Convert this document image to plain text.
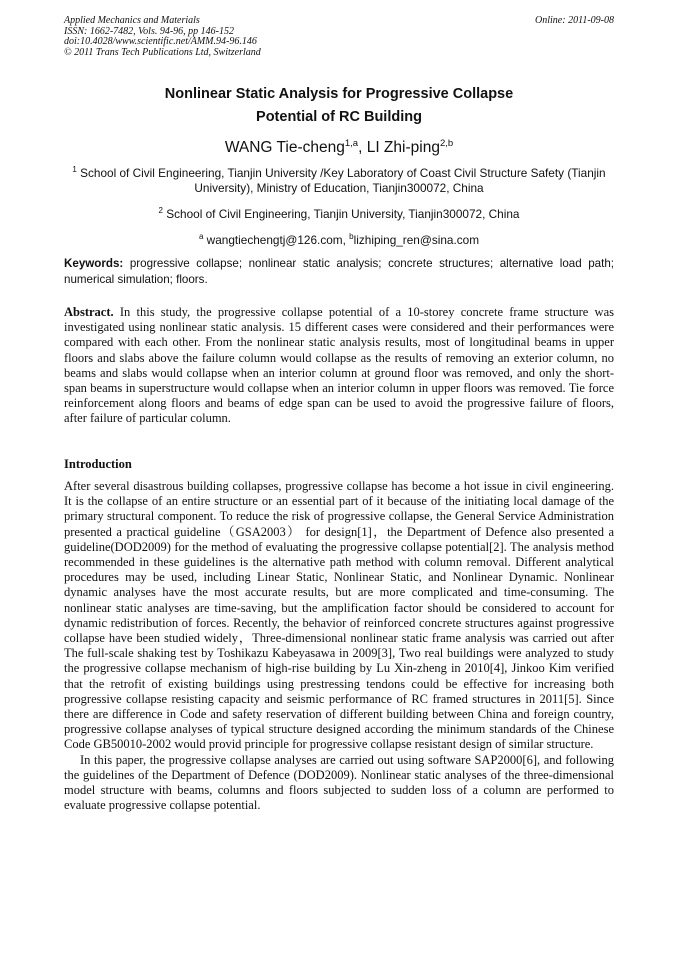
Applied Mechanics and Materials
ISSN: 1662-7482, Vols. 94-96, pp 146-152
doi:10.4028/www.scientific.net/AMM.94-96.146
© 2011 Trans Tech Publications Ltd, Switzerland
Online: 2011-09-08
Nonlinear Static Analysis for Progressive Collapse
Potential of RC Building
WANG Tie-cheng$^{1,a}$, LI Zhi-ping$^{2,b}$
$^1$ School of Civil Engineering, Tianjin University /Key Laboratory of Coast Civil Structure Safety (Tianjin University), Ministry of Education, Tianjin300072, China
$^2$ School of Civil Engineering, Tianjin University, Tianjin300072, China
$^a$ wangtiechengtj@126.com, $^b$lizhiping_ren@sina.com
Keywords: progressive collapse; nonlinear static analysis; concrete structures; alternative load path; numerical simulation; floors.
Abstract. In this study, the progressive collapse potential of a 10-storey concrete frame structure was investigated using nonlinear static analysis. 15 different cases were considered and their performances were compared with each other. From the nonlinear static analysis results, most of longitudinal beams in upper floors and slabs above the failure column would collapse as the results of removing an exterior column, no beams and slabs would collapse when an interior column at ground floor was removed, and only the short-span beams in superstructure would collapse when an interior column in upper floors was removed. Tie force reinforcement along floors and beams of edge span can be used to avoid the progressive failure of floors, after failure of particular column.
Introduction

After several disastrous building collapses, progressive collapse has become a hot issue in civil engineering. It is the collapse of an entire structure or an essential part of it because of the initiating local damage of the primary structural component. To reduce the risk of progressive collapse, the General Service Administration presented a practical guideline（GSA2003） for design[1]，the Department of Defence also presented a guideline(DOD2009) for the method of evaluating the progressive collapse potential[2]. The analysis method recommended in these guidelines is the alternative path method with column removal. Different analytical procedures may be used, including Linear Static, Nonlinear Static, and Nonlinear Dynamic. Nonlinear dynamic analyses have the most accurate results, but are more complicated and time-consuming. The nonlinear static analyses are time-saving, but the amplification factor should be considered to account for dynamic redistribution of forces. Recently, the behavior of reinforced concrete structures against progressive collapse have been studied widely，Three-dimensional nonlinear static frame analysis was carried out after The full-scale shaking test by Toshikazu Kabeyasawa in 2009[3], Two real buildings were analyzed to study the progressive collapse mechanism of high-rise building by Lu Xin-zheng in 2010[4], Jinkoo Kim verified that the retrofit of existing buildings using prestressing tendons could be effective for increasing both progressive collapse resisting capacity and seismic performance of RC framed structures in 2011[5]. Since there are difference in Code and safety reservation of different building between China and foreign country, progressive collapse analyses of typical structure designed according the minimum standards of the Chinese Code GB50010-2002 would provid principle for progressive collapse resistant design of similar structure.

In this paper, the progressive collapse analyses are carried out using software SAP2000[6], and following the guidelines of the Department of Defence (DOD2009). Nonlinear static analyses of the three-dimensional model structure with beams, columns and floors subjected to sudden loss of a column are performed to evaluate progressive collapse potential.
